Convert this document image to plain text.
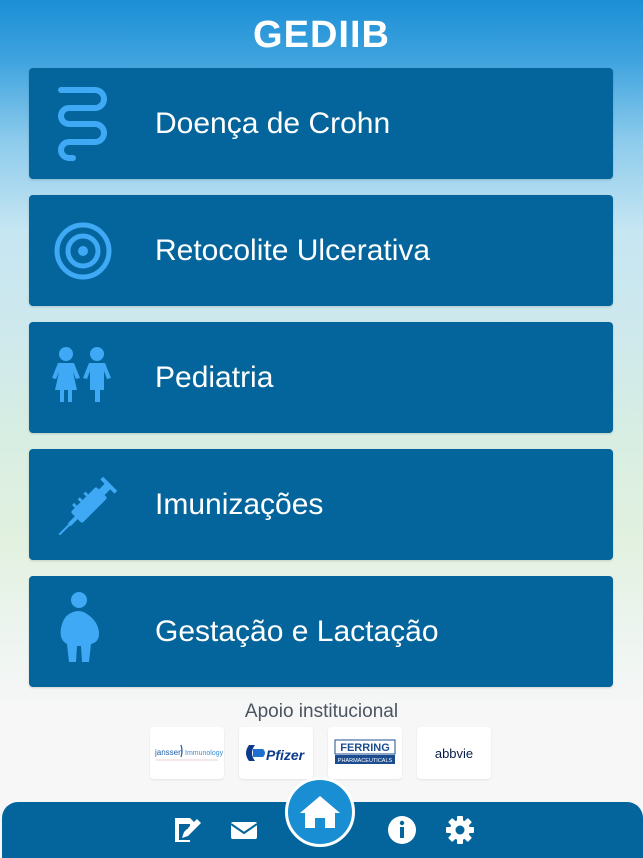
GEDIIB
Doença de Crohn
Retocolite Ulcerativa
Pediatria
Imunizações
Gestação e Lactação
Apoio institucional
janssen Immunology	Pfizer	FERRING
PHARMACEUTICALS	abbvie
